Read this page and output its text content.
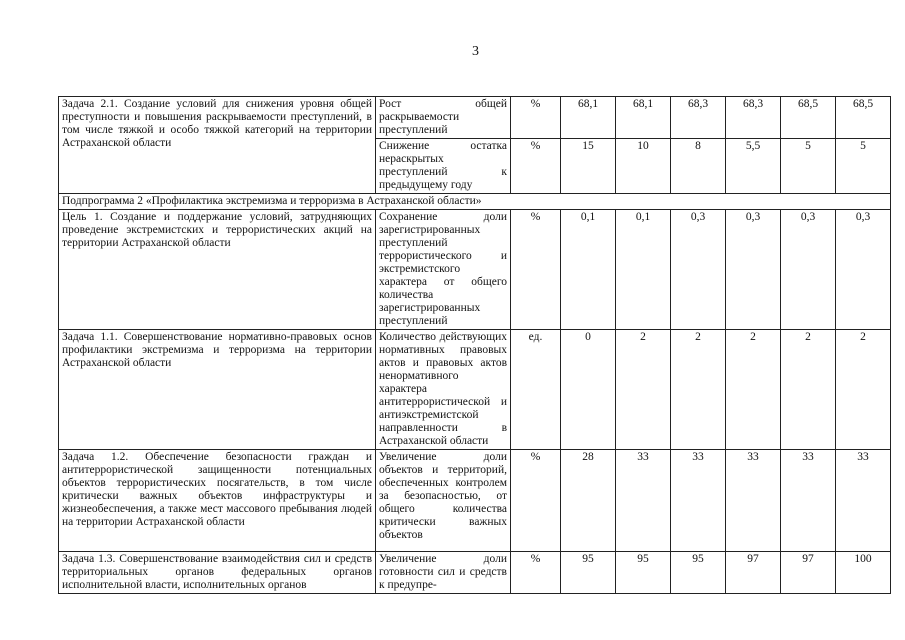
3
Задача 2.1. Создание условий для снижения уровня общей преступности и повышения раскрываемости преступлений, в том числе тяжкой и особо тяжкой категорий на территории Астраханской области	Рост общей раскрываемости преступлений	%	68,1	68,1	68,3	68,3	68,5	68,5
	Снижение остатка нераскрытых преступлений к предыдущему году	%	15	10	8	5,5	5	5
Подпрограмма 2 «Профилактика экстремизма и терроризма в Астраханской области»								
Цель 1. Создание и поддержание условий, затрудняющих проведение экстремистских и террористических акций на территории Астраханской области	Сохранение доли зарегистрированных преступлений террористического и экстремистского характера от общего количества зарегистрированных преступлений	%	0,1	0,1	0,3	0,3	0,3	0,3
Задача 1.1. Совершенствование нормативно-правовых основ профилактики экстремизма и терроризма на территории Астраханской области	Количество действующих нормативных правовых актов и правовых актов ненормативного характера антитеррористической и антиэкстремистской направленности в Астраханской области	ед.	0	2	2	2	2	2
Задача 1.2. Обеспечение безопасности граждан и антитеррористической защищенности потенциальных объектов террористических посягательств, в том числе критически важных объектов инфраструктуры и жизнеобеспечения, а также мест массового пребывания людей на территории Астраханской области	Увеличение доли объектов и территорий, обеспеченных контролем за безопасностью, от общего количества критически важных объектов	%	28	33	33	33	33	33
Задача 1.3. Совершенствование взаимодействия сил и средств территориальных органов федеральных органов исполнительной власти, исполнительных органов	Увеличение доли готовности сил и средств к предупре-	%	95	95	95	97	97	100
